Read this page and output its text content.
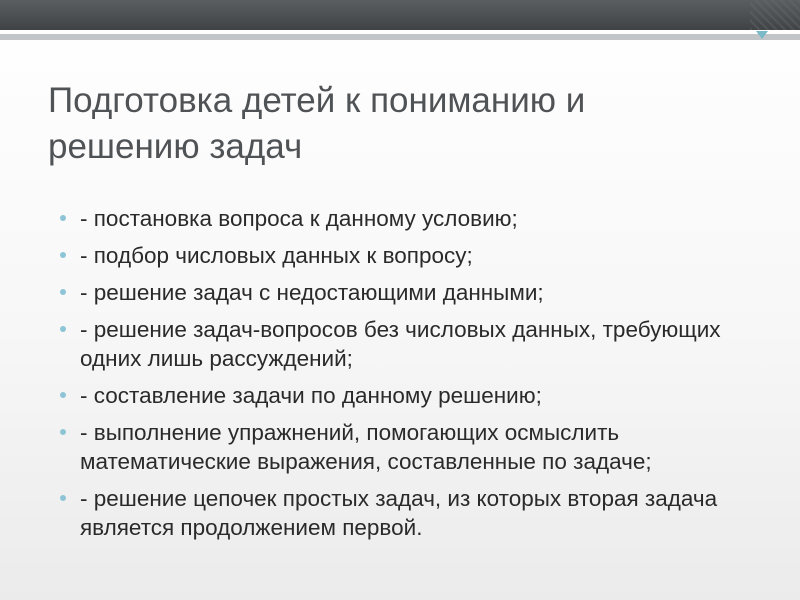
Подготовка детей к пониманию и
решению задач
- постановка вопроса к данному условию;
- подбор числовых данных к вопросу;
- решение задач с недостающими данными;
- решение задач-вопросов без числовых данных, требующих одних лишь рассуждений;
- составление задачи по данному решению;
- выполнение упражнений, помогающих осмыслить математические выражения, составленные по задаче;
- решение цепочек простых задач, из которых вторая задача является продолжением первой.
